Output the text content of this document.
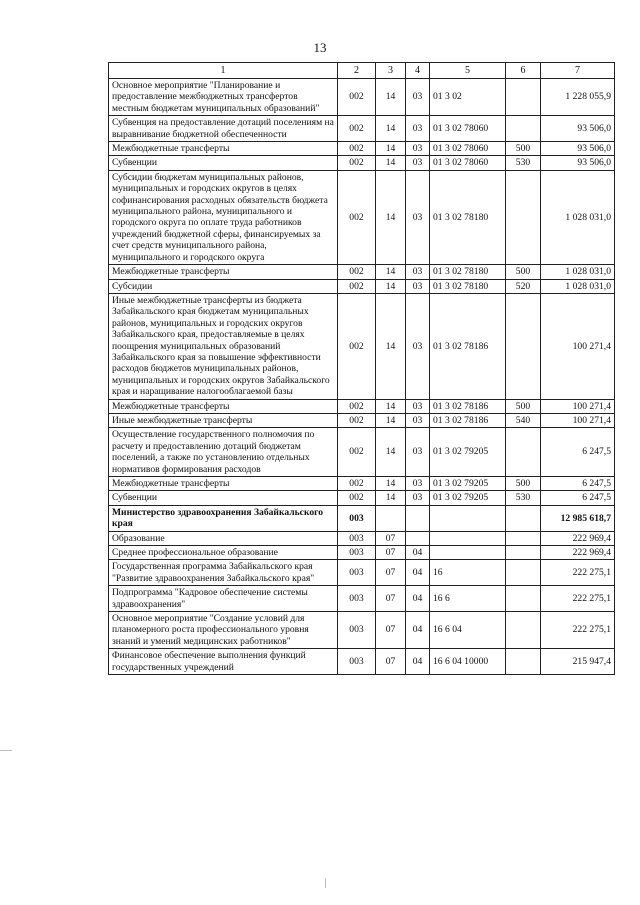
13
1	2	3	4	5	6	7
Основное мероприятие "Планирование и предоставление межбюджетных трансфертов местным бюджетам муниципальных образований"	002	14	03	01 3 02		1 228 055,9
Субвенция на предоставление дотаций поселениям на выравнивание бюджетной обеспеченности	002	14	03	01 3 02 78060		93 506,0
Межбюджетные трансферты	002	14	03	01 3 02 78060	500	93 506,0
Субвенции	002	14	03	01 3 02 78060	530	93 506,0
Субсидии бюджетам муниципальных районов, муниципальных и городских округов в целях софинансирования расходных обязательств бюджета муниципального района, муниципального и городского округа по оплате труда работников учреждений бюджетной сферы, финансируемых за счет средств муниципального района, муниципального и городского округа	002	14	03	01 3 02 78180		1 028 031,0
Межбюджетные трансферты	002	14	03	01 3 02 78180	500	1 028 031,0
Субсидии	002	14	03	01 3 02 78180	520	1 028 031,0
Иные межбюджетные трансферты из бюджета Забайкальского края бюджетам муниципальных районов, муниципальных и городских округов Забайкальского края, предоставляемые в целях поощрения муниципальных образований Забайкальского края за повышение эффективности расходов бюджетов муниципальных районов, муниципальных и городских округов Забайкальского края и наращивание налогооблагаемой базы	002	14	03	01 3 02 78186		100 271,4
Межбюджетные трансферты	002	14	03	01 3 02 78186	500	100 271,4
Иные межбюджетные трансферты	002	14	03	01 3 02 78186	540	100 271,4
Осуществление государственного полномочия по расчету и предоставлению дотаций бюджетам поселений, а также по установлению отдельных нормативов формирования расходов	002	14	03	01 3 02 79205		6 247,5
Межбюджетные трансферты	002	14	03	01 3 02 79205	500	6 247,5
Субвенции	002	14	03	01 3 02 79205	530	6 247,5
Министерство здравоохранения Забайкальского края	003					12 985 618,7
Образование	003	07				222 969,4
Среднее профессиональное образование	003	07	04			222 969,4
Государственная программа Забайкальского края "Развитие здравоохранения Забайкальского края"	003	07	04	16		222 275,1
Подпрограмма "Кадровое обеспечение системы здравоохранения"	003	07	04	16 6		222 275,1
Основное мероприятие "Создание условий для планомерного роста профессионального уровня знаний и умений медицинских работников"	003	07	04	16 6 04		222 275,1
Финансовое обеспечение выполнения функций государственных учреждений	003	07	04	16 6 04 10000		215 947,4
